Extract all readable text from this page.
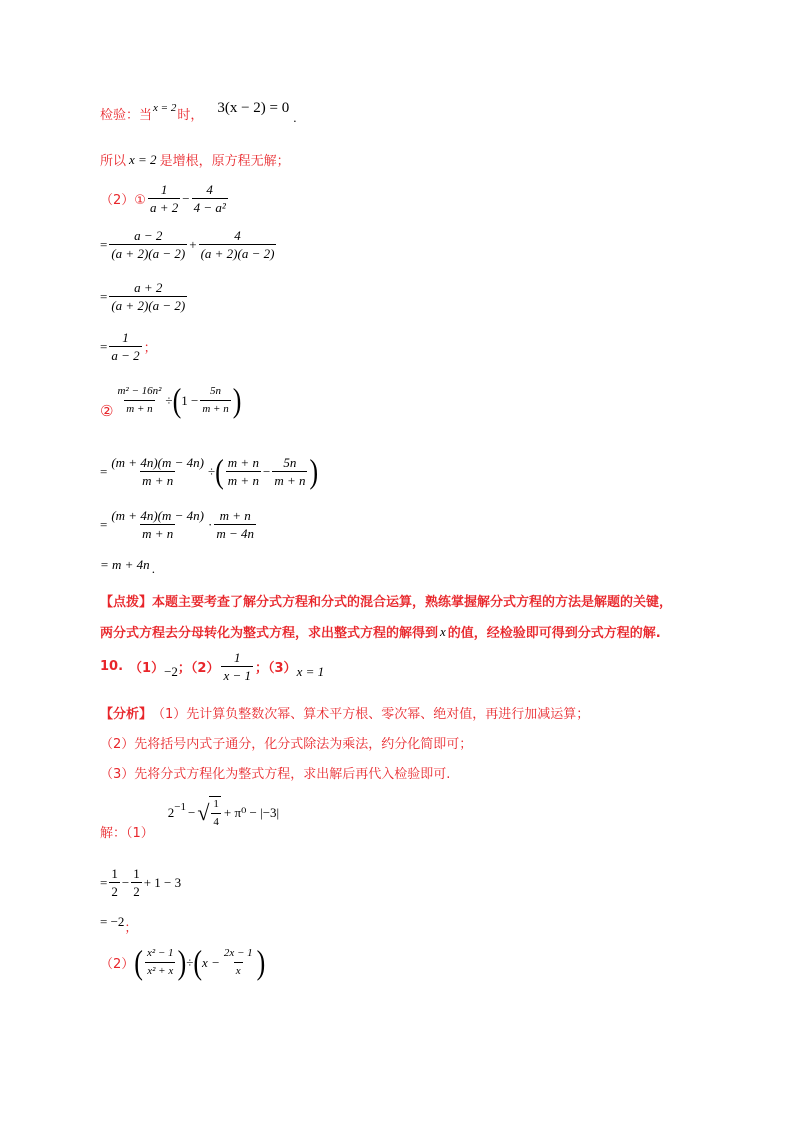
检验：当
x = 2
时， 3(x − 2) = 0
.
所以 x = 2 是增根，原方程无解；
（2）① $\frac{1}{a + 2} - \frac{4}{\text{4 − a²}}$
= $\frac{a - 2}{(a + 2)(a - 2)} + \frac{4}{(a + 2)(a - 2)}$
= $\frac{a + 2}{(a + 2)(a - 2)}$
= $\frac{1}{a - 2}$ ；
② $\frac{\text{m² − 16n²}}{m + n}$ ÷ ( $1 - \frac{5n}{m + n}$ )
= $\frac{(m + 4n)(m - 4n)}{m + n}$ ÷ ( $\frac{m + n}{m + n} - \frac{5n}{m + n}$ )
= $\frac{(m + 4n)(m - 4n)}{m + n} \cdot \frac{m + n}{m - 4n}$
= m + 4n .
【点拨】 本题主要考查了解分式方程和分式的混合运算，熟练掌握解分式方程的方法是解题的关键，
两分式方程去分母转化为整式方程，求出整式方程的解得到 x 的值，经检验即可得到分式方程的解.
10. （1） −2 ；$(2) \frac{1}{x - 1}$ ；（3） x = 1
【分析】 （1）先计算负整数次幂、算术平方根、零次幂、绝对值，再进行加减运算；
（2）先将括号内式子通分，化分式除法为乘法，约分化简即可；
（3）先将分式方程化为整式方程，求出解后再代入检验即可.
解：（1）
2 −1 − √ $\frac{1}{4} + \pi^0 - |-3|$
= $\frac{1}{2} - \frac{1}{2} + 1 - 3$
= −2 ；
（2） ( $\frac{\text{x² − 1}}{\text{x² + x}}$ ) ÷ ( $x - \frac{2x - 1}{x}$ )
